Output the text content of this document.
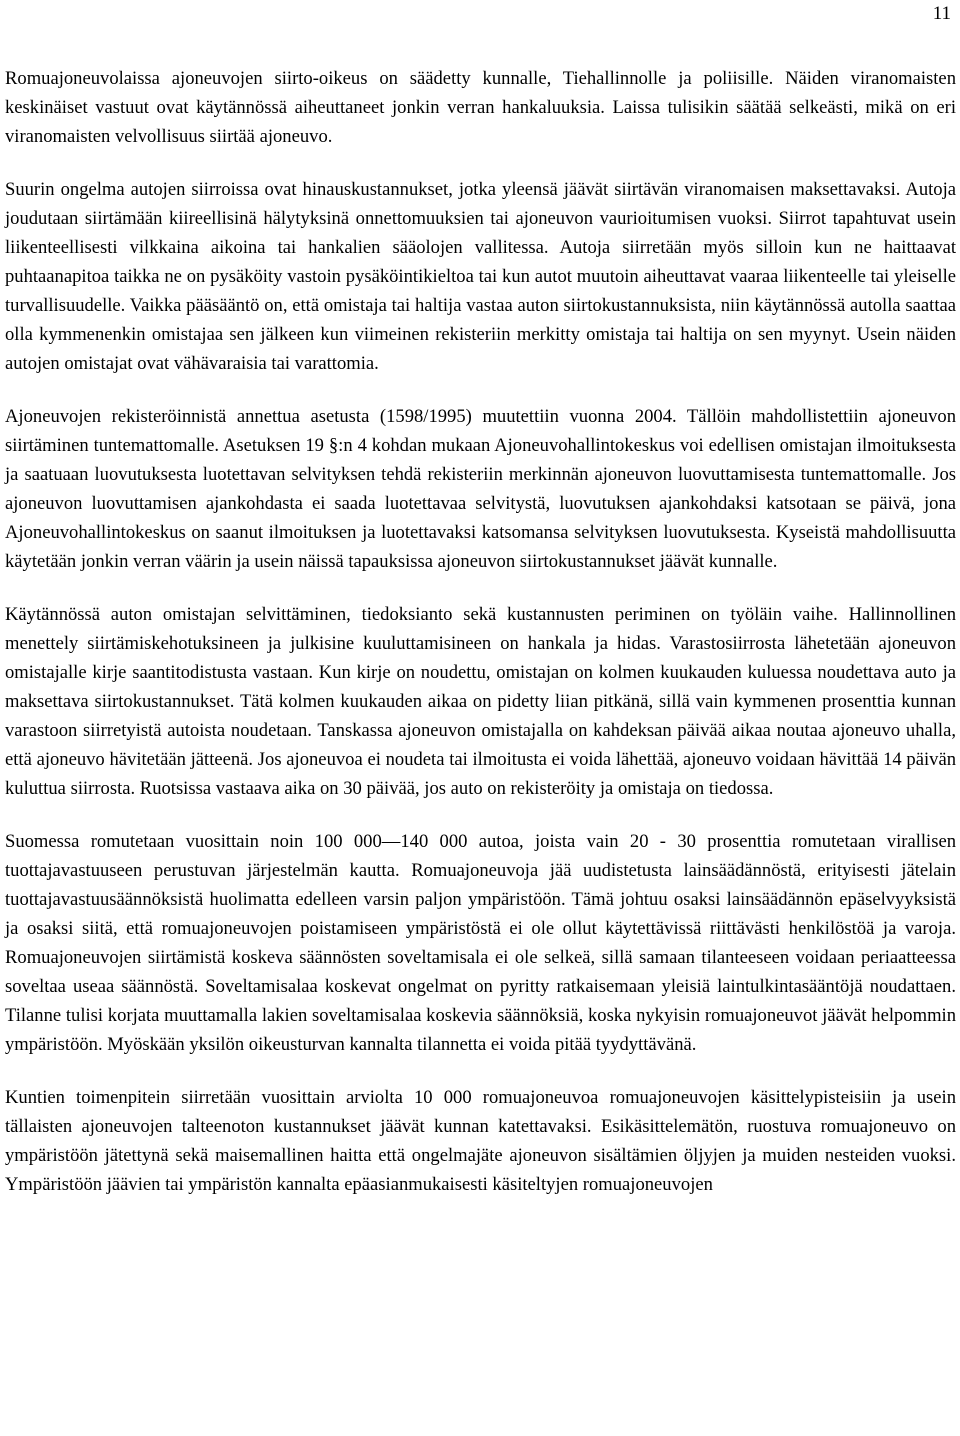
11

Romuajoneuvolaissa ajoneuvojen siirto-oikeus on säädetty kunnalle, Tiehallinnolle ja poliisille. Näiden viranomaisten keskinäiset vastuut ovat käytännössä aiheuttaneet jonkin verran hankaluuksia. Laissa tulisikin säätää selkeästi, mikä on eri viranomaisten velvollisuus siirtää ajoneuvo.

Suurin ongelma autojen siirroissa ovat hinauskustannukset, jotka yleensä jäävät siirtävän viranomaisen maksettavaksi. Autoja joudutaan siirtämään kiireellisinä hälytyksinä onnettomuuksien tai ajoneuvon vaurioitumisen vuoksi. Siirrot tapahtuvat usein liikenteellisesti vilkkaina aikoina tai hankalien sääolojen vallitessa. Autoja siirretään myös silloin kun ne haittaavat puhtaanapitoa taikka ne on pysäköity vastoin pysäköintikieltoa tai kun autot muutoin aiheuttavat vaaraa liikenteelle tai yleiselle turvallisuudelle. Vaikka pääsääntö on, että omistaja tai haltija vastaa auton siirtokustannuksista, niin käytännössä autolla saattaa olla kymmenenkin omistajaa sen jälkeen kun viimeinen rekisteriin merkitty omistaja tai haltija on sen myynyt. Usein näiden autojen omistajat ovat vähävaraisia tai varattomia.

Ajoneuvojen rekisteröinnistä annettua asetusta (1598/1995) muutettiin vuonna 2004. Tällöin mahdollistettiin ajoneuvon siirtäminen tuntemattomalle. Asetuksen 19 §:n 4 kohdan mukaan Ajoneuvohallintokeskus voi edellisen omistajan ilmoituksesta ja saatuaan luovutuksesta luotettavan selvityksen tehdä rekisteriin merkinnän ajoneuvon luovuttamisesta tuntemattomalle. Jos ajoneuvon luovuttamisen ajankohdasta ei saada luotettavaa selvitystä, luovutuksen ajankohdaksi katsotaan se päivä, jona Ajoneuvohallintokeskus on saanut ilmoituksen ja luotettavaksi katsomansa selvityksen luovutuksesta. Kyseistä mahdollisuutta käytetään jonkin verran väärin ja usein näissä tapauksissa ajoneuvon siirtokustannukset jäävät kunnalle.

Käytännössä auton omistajan selvittäminen, tiedoksianto sekä kustannusten periminen on työläin vaihe. Hallinnollinen menettely siirtämiskehotuksineen ja julkisine kuuluttamisineen on hankala ja hidas. Varastosiirrosta lähetetään ajoneuvon omistajalle kirje saantitodistusta vastaan. Kun kirje on noudettu, omistajan on kolmen kuukauden kuluessa noudettava auto ja maksettava siirtokustannukset. Tätä kolmen kuukauden aikaa on pidetty liian pitkänä, sillä vain kymmenen prosenttia kunnan varastoon siirretyistä autoista noudetaan. Tanskassa ajoneuvon omistajalla on kahdeksan päivää aikaa noutaa ajoneuvo uhalla, että ajoneuvo hävitetään jätteenä. Jos ajoneuvoa ei noudeta tai ilmoitusta ei voida lähettää, ajoneuvo voidaan hävittää 14 päivän kuluttua siirrosta. Ruotsissa vastaava aika on 30 päivää, jos auto on rekisteröity ja omistaja on tiedossa.

Suomessa romutetaan vuosittain noin 100 000—140 000 autoa, joista vain 20 - 30 prosenttia romutetaan virallisen tuottajavastuuseen perustuvan järjestelmän kautta. Romuajoneuvoja jää uudistetusta lainsäädännöstä, erityisesti jätelain tuottajavastuusäännöksistä huolimatta edelleen varsin paljon ympäristöön. Tämä johtuu osaksi lainsäädännön epäselvyyksistä ja osaksi siitä, että romuajoneuvojen poistamiseen ympäristöstä ei ole ollut käytettävissä riittävästi henkilöstöä ja varoja. Romuajoneuvojen siirtämistä koskeva säännösten soveltamisala ei ole selkeä, sillä samaan tilanteeseen voidaan periaatteessa soveltaa useaa säännöstä. Soveltamisalaa koskevat ongelmat on pyritty ratkaisemaan yleisiä laintulkintasääntöjä noudattaen. Tilanne tulisi korjata muuttamalla lakien soveltamisalaa koskevia säännöksiä, koska nykyisin romuajoneuvot jäävät helpommin ympäristöön. Myöskään yksilön oikeusturvan kannalta tilannetta ei voida pitää tyydyttävänä.

Kuntien toimenpitein siirretään vuosittain arviolta 10 000 romuajoneuvoa romuajoneuvojen käsittelypisteisiin ja usein tällaisten ajoneuvojen talteenoton kustannukset jäävät kunnan katettavaksi. Esikäsittelemätön, ruostuva romuajoneuvo on ympäristöön jätettynä sekä maisemallinen haitta että ongelmajäte ajoneuvon sisältämien öljyjen ja muiden nesteiden vuoksi. Ympäristöön jäävien tai ympäristön kannalta epäasianmukaisesti käsiteltyjen romuajoneuvojen
